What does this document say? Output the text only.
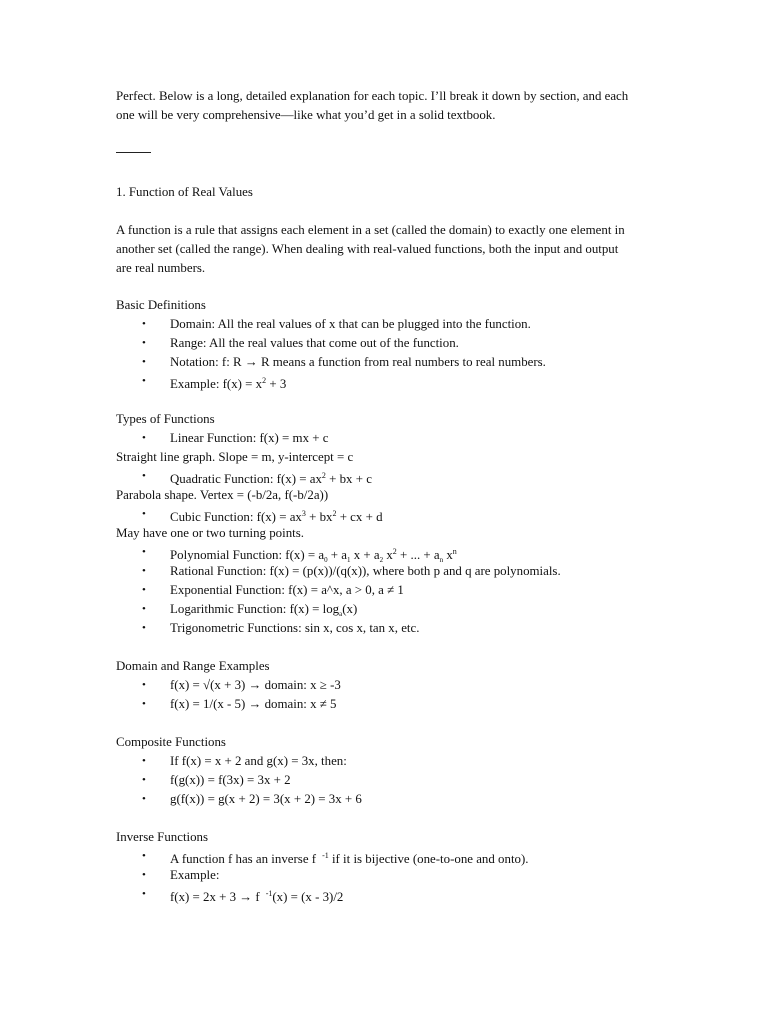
Perfect. Below is a long, detailed explanation for each topic. I’ll break it down by section, and each
one will be very comprehensive—like what you’d get in a solid textbook.
1. Function of Real Values
A function is a rule that assigns each element in a set (called the domain) to exactly one element in
another set (called the range). When dealing with real-valued functions, both the input and output
are real numbers.
Basic Definitions
•	Domain: All the real values of x that can be plugged into the function.
•	Range: All the real values that come out of the function.
•	Notation: f: R → R means a function from real numbers to real numbers.
•	Example: $f(x) = x^2 + 3$
Types of Functions
•	Linear Function: f(x) = mx + c
Straight line graph. Slope = m, y-intercept = c
•	Quadratic Function: $f(x) = ax^2$ + bx + c
Parabola shape. Vertex = (-b/2a, f(-b/2a))
•	Cubic Function: $f(x) = ax^3 + bx^2$ + cx + d
May have one or two turning points.
•	Polynomial Function: $f(x) = a_0 + a_1$ $x + a_2$ $x^2$ + ... + $a_n$ $x^n$
•	Rational Function: f(x) = (p(x))/(q(x)), where both p and q are polynomials.
•	Exponential Function: f(x) = a^x, a > 0, a ≠ 1
•	Logarithmic Function: $f(x) = \log_a(x)$
•	Trigonometric Functions: sin x, cos x, tan x, etc.
Domain and Range Examples
•	f(x) = √(x + 3) → domain: x ≥ -3
•	f(x) = 1/(x - 5) → domain: x ≠ 5
Composite Functions
•	If f(x) = x + 2 and g(x) = 3x, then:
•	f(g(x)) = f(3x) = 3x + 2
•	g(f(x)) = g(x + 2) = 3(x + 2) = 3x + 6
Inverse Functions
•	A function f has an inverse f   $^{-1}$ if it is bijective (one-to-one and onto).
•	Example:
•	f(x) = 2x + 3 → f   $^{-1}$(x) = (x - 3)/2
